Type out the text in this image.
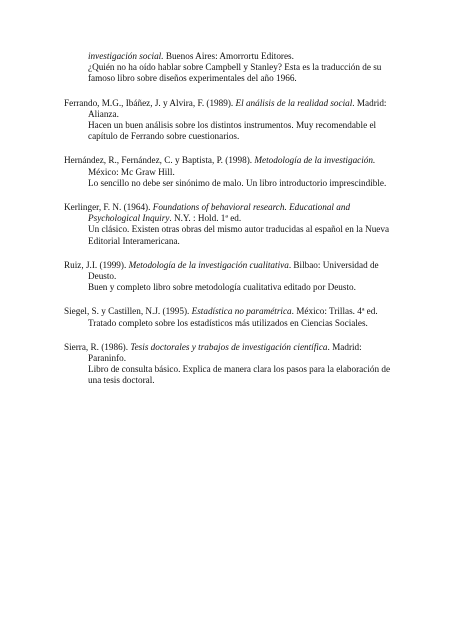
investigación social. Buenos Aires: Amorrortu Editores.
¿Quién no ha oído hablar sobre Campbell y Stanley? Esta es la traducción de su
famoso libro sobre diseños experimentales del año 1966.
Ferrando, M.G., Ibáñez, J. y Alvira, F. (1989). El análisis de la realidad social. Madrid:
Alianza.
Hacen un buen análisis sobre los distintos instrumentos. Muy recomendable el
capítulo de Ferrando sobre cuestionarios.
Hernández, R., Fernández, C. y Baptista, P. (1998). Metodología de la investigación.
México: Mc Graw Hill.
Lo sencillo no debe ser sinónimo de malo. Un libro introductorio imprescindible.
Kerlinger, F. N. (1964). Foundations of behavioral research. Educational and
Psychological Inquiry. N.Y. : Hold. 1ª ed.
Un clásico. Existen otras obras del mismo autor traducidas al español en la Nueva
Editorial Interamericana.
Ruiz, J.I. (1999). Metodología de la investigación cualitativa. Bilbao: Universidad de
Deusto.
Buen y completo libro sobre metodología cualitativa editado por Deusto.
Siegel, S. y Castillen, N.J. (1995). Estadística no paramétrica. México: Trillas. 4ª ed.
Tratado completo sobre los estadísticos más utilizados en Ciencias Sociales.
Sierra, R. (1986). Tesis doctorales y trabajos de investigación científica. Madrid:
Paraninfo.
Libro de consulta básico. Explica de manera clara los pasos para la elaboración de
una tesis doctoral.
